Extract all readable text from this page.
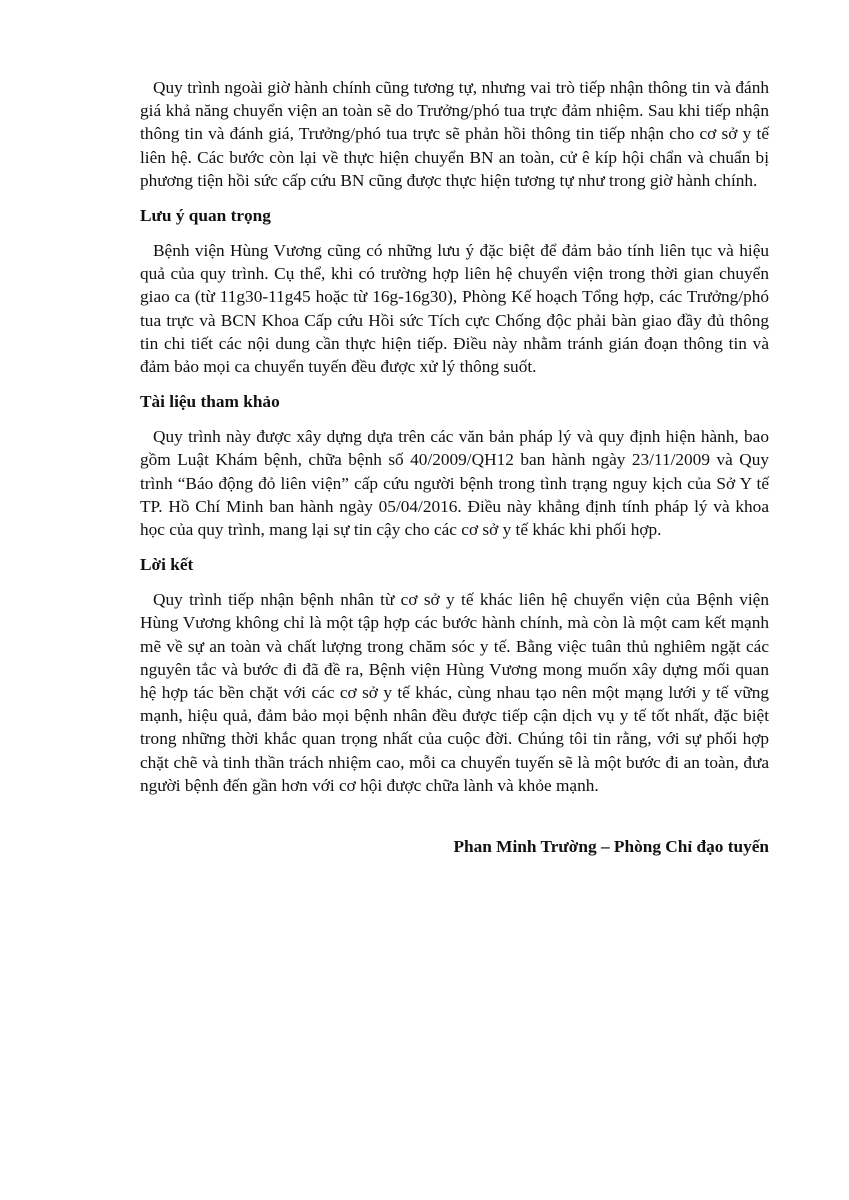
Quy trình ngoài giờ hành chính cũng tương tự, nhưng vai trò tiếp nhận thông tin và đánh giá khả năng chuyển viện an toàn sẽ do Trưởng/phó tua trực đảm nhiệm. Sau khi tiếp nhận thông tin và đánh giá, Trưởng/phó tua trực sẽ phản hồi thông tin tiếp nhận cho cơ sở y tế liên hệ. Các bước còn lại về thực hiện chuyển BN an toàn, cử ê kíp hội chẩn và chuẩn bị phương tiện hồi sức cấp cứu BN cũng được thực hiện tương tự như trong giờ hành chính.

Lưu ý quan trọng

Bệnh viện Hùng Vương cũng có những lưu ý đặc biệt để đảm bảo tính liên tục và hiệu quả của quy trình. Cụ thể, khi có trường hợp liên hệ chuyển viện trong thời gian chuyển giao ca (từ 11g30-11g45 hoặc từ 16g-16g30), Phòng Kế hoạch Tổng hợp, các Trưởng/phó tua trực và BCN Khoa Cấp cứu Hồi sức Tích cực Chống độc phải bàn giao đầy đủ thông tin chi tiết các nội dung cần thực hiện tiếp. Điều này nhằm tránh gián đoạn thông tin và đảm bảo mọi ca chuyển tuyến đều được xử lý thông suốt.

Tài liệu tham khảo

Quy trình này được xây dựng dựa trên các văn bản pháp lý và quy định hiện hành, bao gồm Luật Khám bệnh, chữa bệnh số 40/2009/QH12 ban hành ngày 23/11/2009 và Quy trình “Báo động đỏ liên viện” cấp cứu người bệnh trong tình trạng nguy kịch của Sở Y tế TP. Hồ Chí Minh ban hành ngày 05/04/2016. Điều này khẳng định tính pháp lý và khoa học của quy trình, mang lại sự tin cậy cho các cơ sở y tế khác khi phối hợp.

Lời kết

Quy trình tiếp nhận bệnh nhân từ cơ sở y tế khác liên hệ chuyển viện của Bệnh viện Hùng Vương không chỉ là một tập hợp các bước hành chính, mà còn là một cam kết mạnh mẽ về sự an toàn và chất lượng trong chăm sóc y tế. Bằng việc tuân thủ nghiêm ngặt các nguyên tắc và bước đi đã đề ra, Bệnh viện Hùng Vương mong muốn xây dựng mối quan hệ hợp tác bền chặt với các cơ sở y tế khác, cùng nhau tạo nên một mạng lưới y tế vững mạnh, hiệu quả, đảm bảo mọi bệnh nhân đều được tiếp cận dịch vụ y tế tốt nhất, đặc biệt trong những thời khắc quan trọng nhất của cuộc đời. Chúng tôi tin rằng, với sự phối hợp chặt chẽ và tinh thần trách nhiệm cao, mỗi ca chuyển tuyến sẽ là một bước đi an toàn, đưa người bệnh đến gần hơn với cơ hội được chữa lành và khỏe mạnh.

Phan Minh Trường – Phòng Chỉ đạo tuyến
